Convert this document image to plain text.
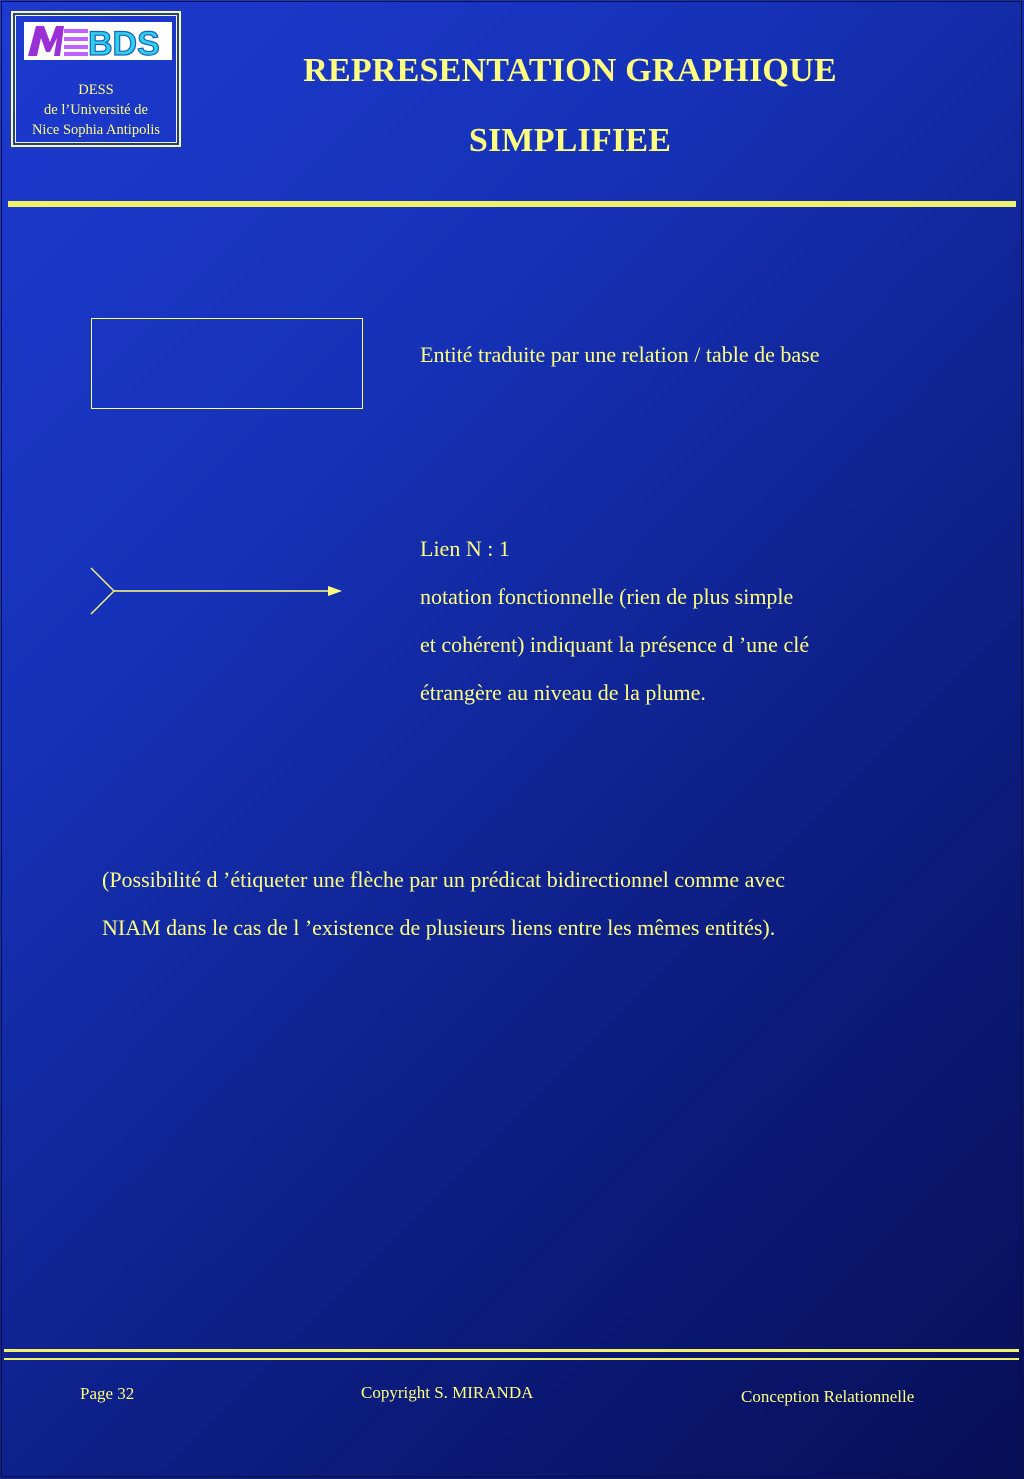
BDS
DESS
de l’Université de
Nice Sophia Antipolis
REPRESENTATION GRAPHIQUE
SIMPLIFIEE
Entité traduite par une relation / table de base
Lien N : 1
notation fonctionnelle (rien de plus simple
et cohérent) indiquant la présence d ’une clé
étrangère au niveau de la plume.
(Possibilité d ’étiqueter une flèche par un prédicat bidirectionnel comme avec
NIAM dans le cas de l ’existence de plusieurs liens entre les mêmes entités).
Page 32	Copyright S. MIRANDA	Conception Relationnelle
